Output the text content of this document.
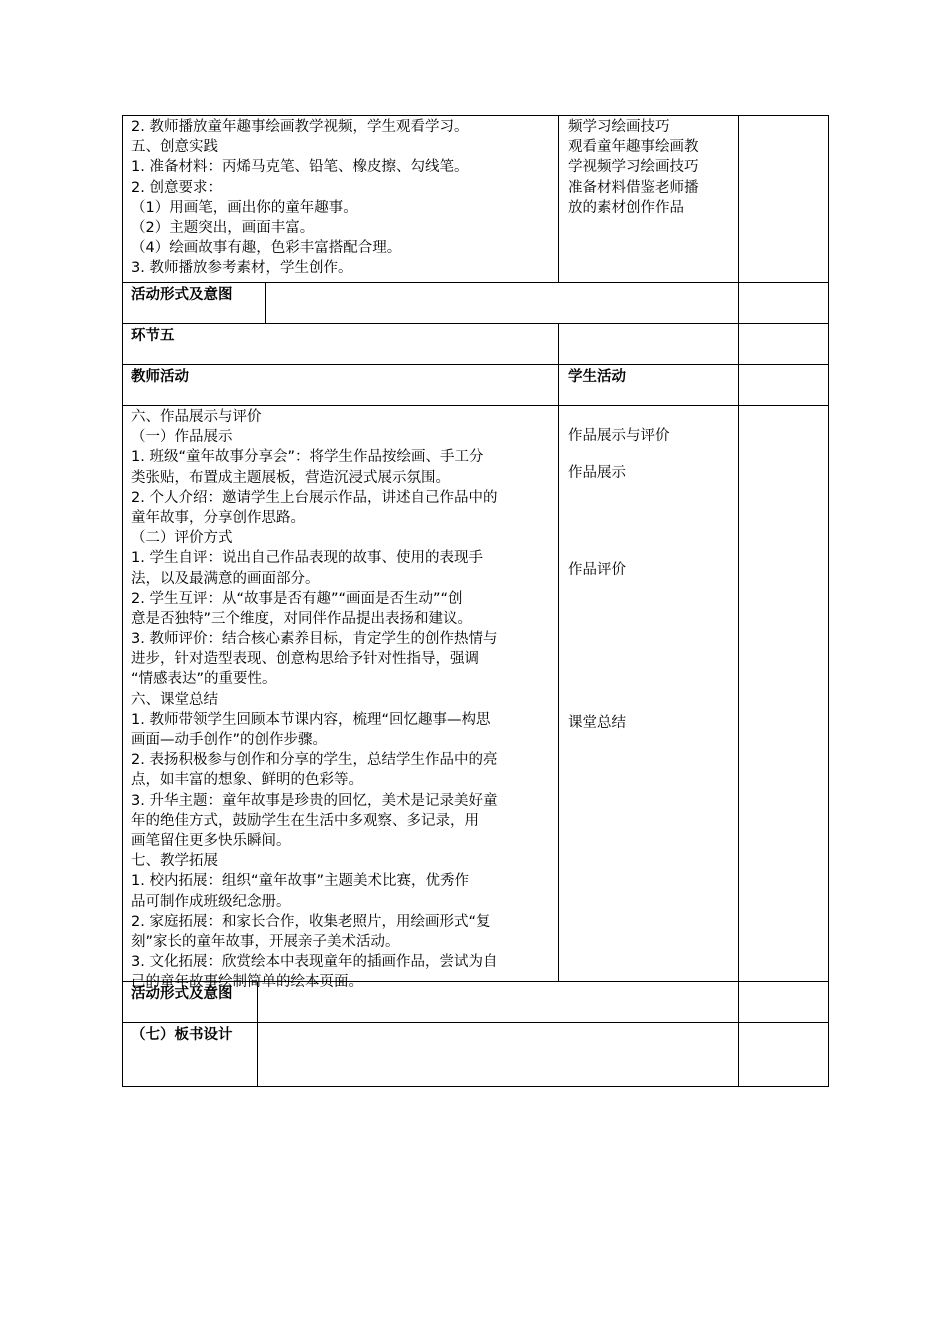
2. 教师播放童年趣事绘画教学视频，学生观看学习。
五、创意实践
1. 准备材料：丙烯马克笔、铅笔、橡皮擦、勾线笔。
2. 创意要求：
（1）用画笔，画出你的童年趣事。
（2）主题突出，画面丰富。
（4）绘画故事有趣，色彩丰富搭配合理。
3. 教师播放参考素材，学生创作。
频学习绘画技巧
观看童年趣事绘画教
学视频学习绘画技巧
准备材料借鉴老师播
放的素材创作作品
活动形式及意图
环节五
教师活动	学生活动
六、作品展示与评价
（一）作品展示
1. 班级“童年故事分享会”：将学生作品按绘画、手工分
类张贴，布置成主题展板，营造沉浸式展示氛围。
2. 个人介绍：邀请学生上台展示作品，讲述自己作品中的
童年故事，分享创作思路。
（二）评价方式
1. 学生自评：说出自己作品表现的故事、使用的表现手
法，以及最满意的画面部分。
2. 学生互评：从“故事是否有趣”“画面是否生动”“创
意是否独特”三个维度，对同伴作品提出表扬和建议。
3. 教师评价：结合核心素养目标，肯定学生的创作热情与
进步，针对造型表现、创意构思给予针对性指导，强调
“情感表达”的重要性。
六、课堂总结
1. 教师带领学生回顾本节课内容，梳理“回忆趣事—构思
画面—动手创作”的创作步骤。
2. 表扬积极参与创作和分享的学生，总结学生作品中的亮
点，如丰富的想象、鲜明的色彩等。
3. 升华主题：童年故事是珍贵的回忆，美术是记录美好童
年的绝佳方式，鼓励学生在生活中多观察、多记录，用
画笔留住更多快乐瞬间。
七、教学拓展
1. 校内拓展：组织“童年故事”主题美术比赛，优秀作
品可制作成班级纪念册。
2. 家庭拓展：和家长合作，收集老照片，用绘画形式“复
刻”家长的童年故事，开展亲子美术活动。
3. 文化拓展：欣赏绘本中表现童年的插画作品，尝试为自
己的童年故事绘制简单的绘本页面。
作品展示与评价
作品展示
作品评价
课堂总结
活动形式及意图
（七）板书设计
